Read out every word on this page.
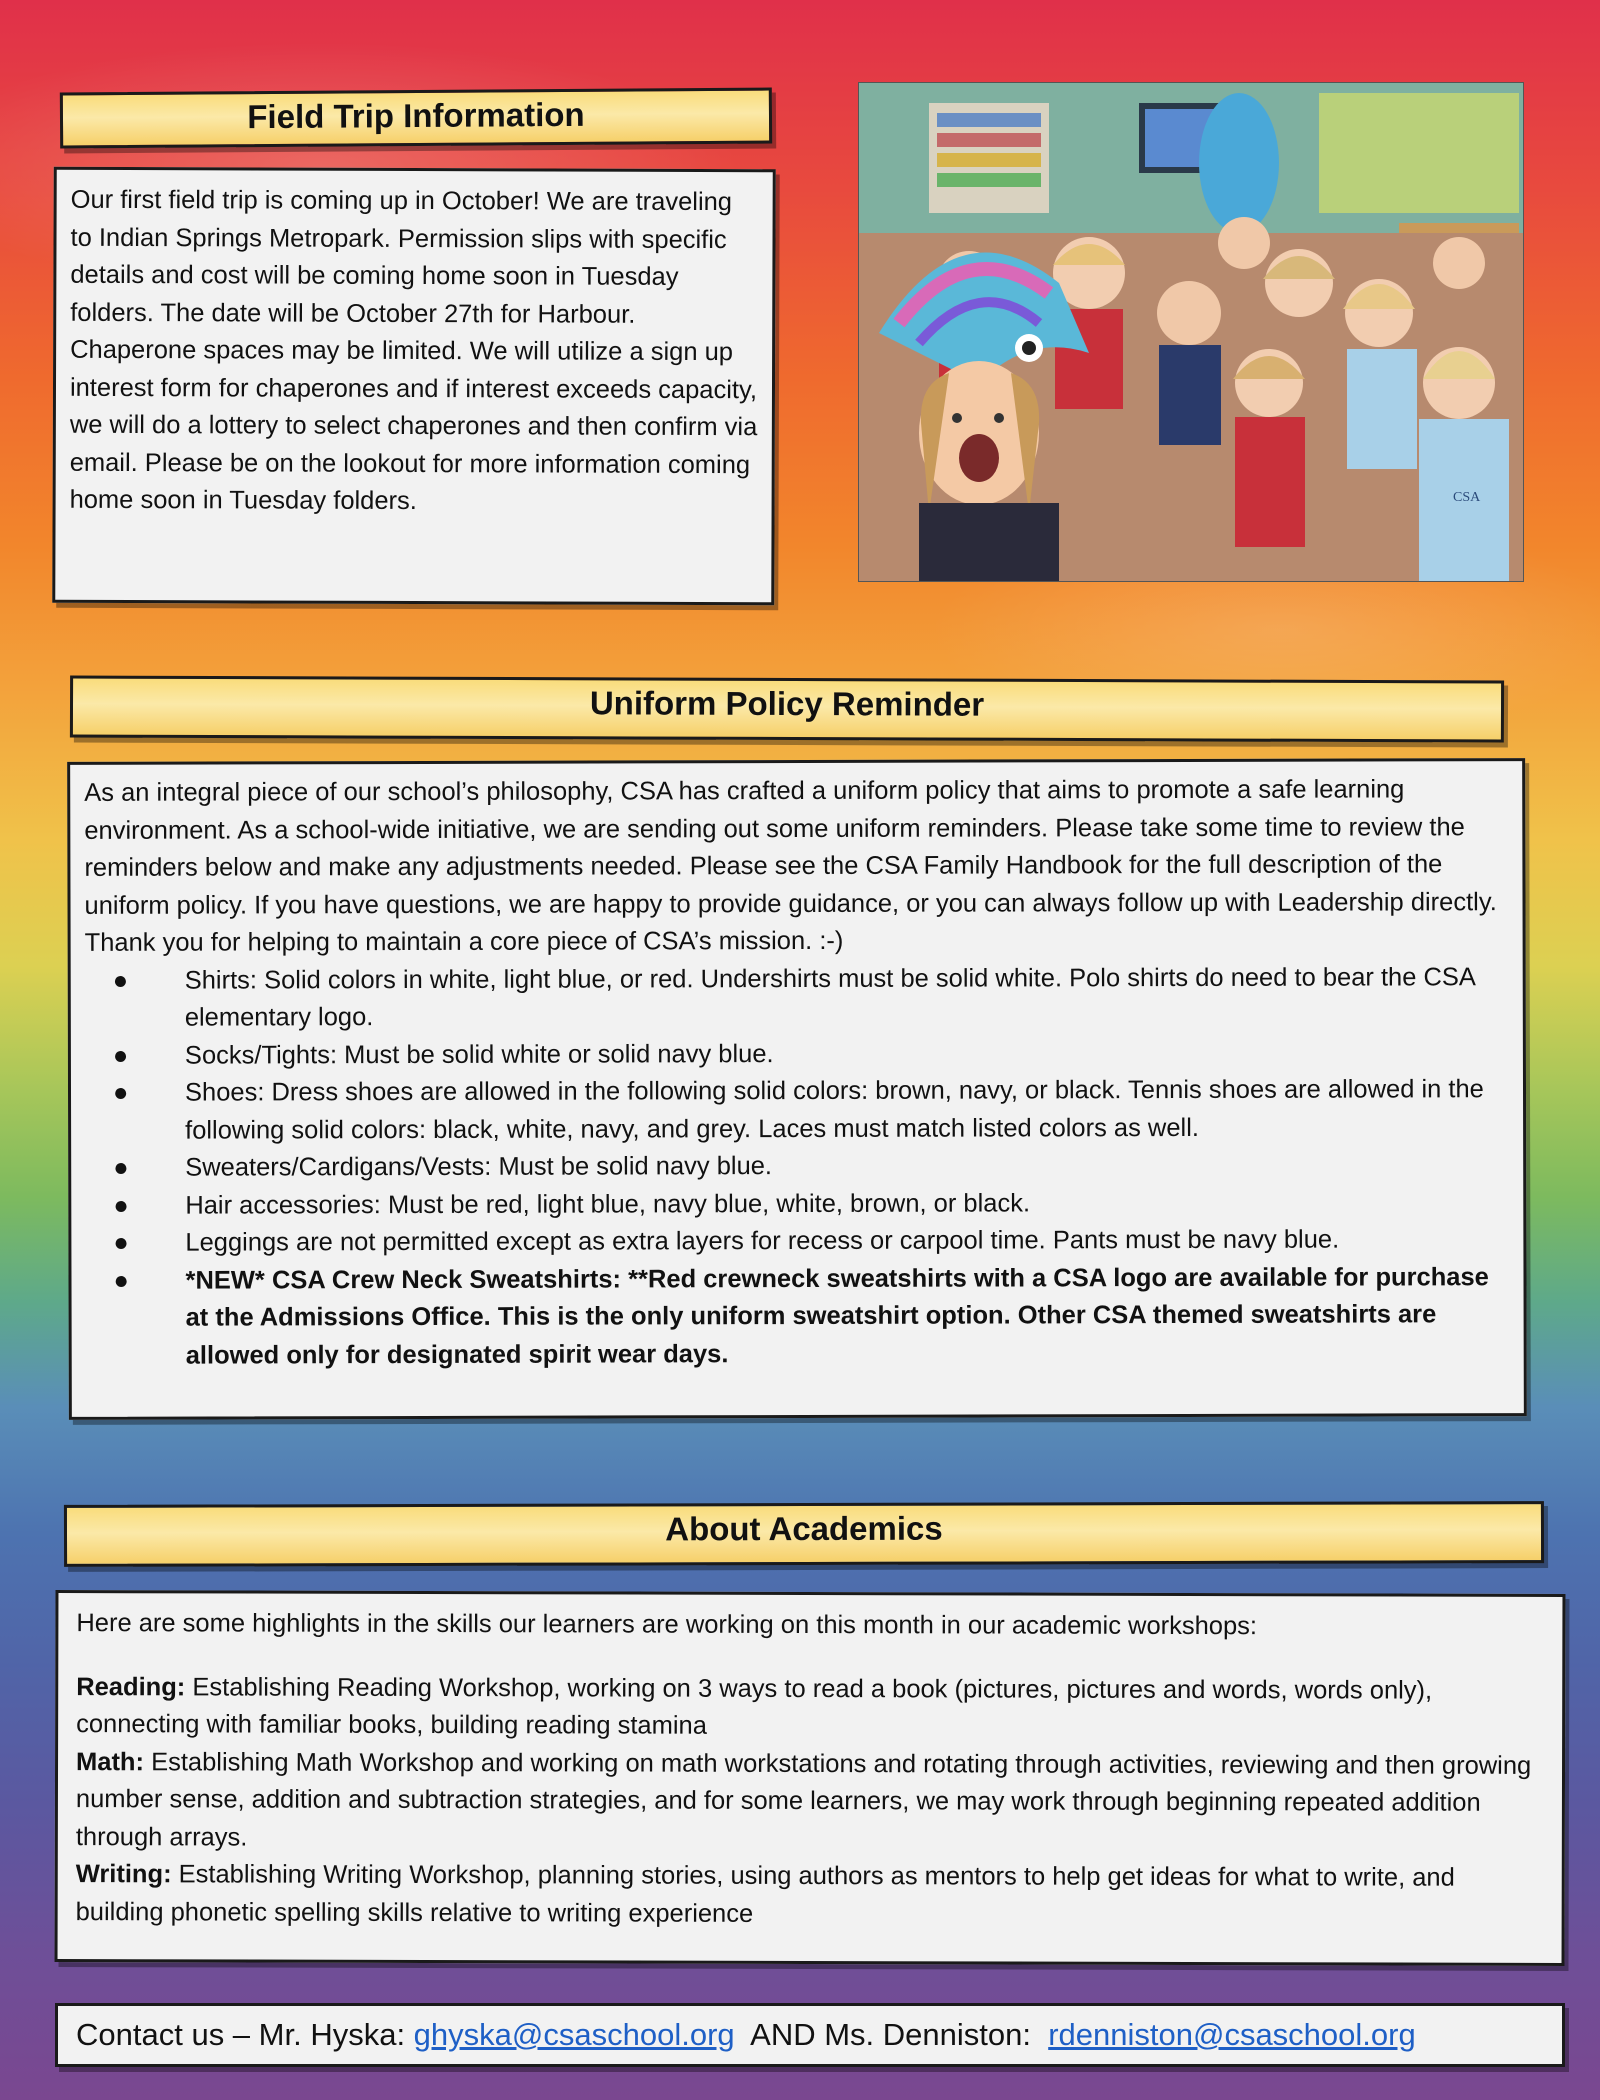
Field Trip Information

Our first field trip is coming up in October! We are traveling to Indian Springs Metropark. Permission slips with specific details and cost will be coming home soon in Tuesday folders. The date will be October 27th for Harbour. Chaperone spaces may be limited. We will utilize a sign up interest form for chaperones and if interest exceeds capacity, we will do a lottery to select chaperones and then confirm via email. Please be on the lookout for more information coming home soon in Tuesday folders.	CSA
Uniform Policy Reminder

As an integral piece of our school’s philosophy, CSA has crafted a uniform policy that aims to promote a safe learning environment. As a school-wide initiative, we are sending out some uniform reminders. Please take some time to review the reminders below and make any adjustments needed. Please see the CSA Family Handbook for the full description of the uniform policy. If you have questions, we are happy to provide guidance, or you can always follow up with Leadership directly. Thank you for helping to maintain a core piece of CSA’s mission. :-)

● Shirts: Solid colors in white, light blue, or red. Undershirts must be solid white. Polo shirts do need to bear the CSA elementary logo.
● Socks/Tights: Must be solid white or solid navy blue.
● Shoes: Dress shoes are allowed in the following solid colors: brown, navy, or black. Tennis shoes are allowed in the following solid colors: black, white, navy, and grey. Laces must match listed colors as well.
● Sweaters/Cardigans/Vests: Must be solid navy blue.
● Hair accessories: Must be red, light blue, navy blue, white, brown, or black.
● Leggings are not permitted except as extra layers for recess or carpool time. Pants must be navy blue.
● *NEW* CSA Crew Neck Sweatshirts: **Red crewneck sweatshirts with a CSA logo are available for purchase at the Admissions Office. This is the only uniform sweatshirt option. Other CSA themed sweatshirts are allowed only for designated spirit wear days.
About Academics

Here are some highlights in the skills our learners are working on this month in our academic workshops:

Reading: Establishing Reading Workshop, working on 3 ways to read a book (pictures, pictures and words, words only), connecting with familiar books, building reading stamina

Math: Establishing Math Workshop and working on math workstations and rotating through activities, reviewing and then growing number sense, addition and subtraction strategies, and for some learners, we may work through beginning repeated addition through arrays.

Writing: Establishing Writing Workshop, planning stories, using authors as mentors to help get ideas for what to write, and building phonetic spelling skills relative to writing experience

Contact us – Mr. Hyska: ghyska@csaschool.org  AND Ms. Denniston:  rdenniston@csaschool.org
